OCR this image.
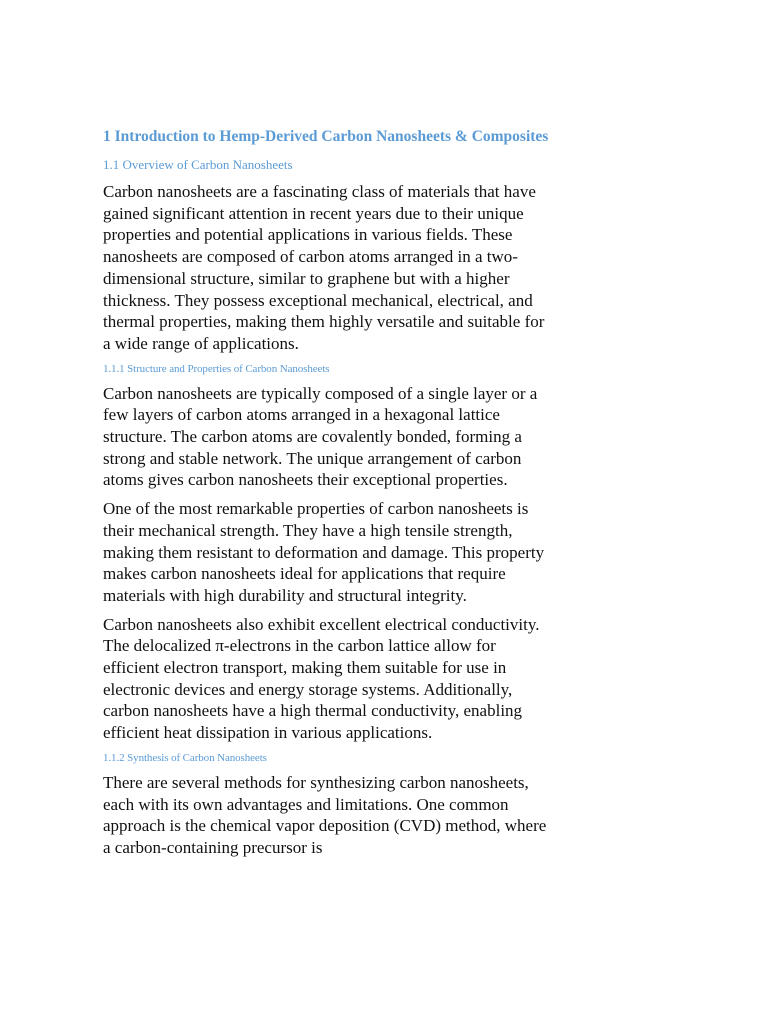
1 Introduction to Hemp-Derived Carbon Nanosheets & Composites
1.1 Overview of Carbon Nanosheets

Carbon nanosheets are a fascinating class of materials that have gained significant attention in recent years due to their unique properties and potential applications in various fields. These nanosheets are composed of carbon atoms arranged in a two-dimensional structure, similar to graphene but with a higher thickness. They possess exceptional mechanical, electrical, and thermal properties, making them highly versatile and suitable for a wide range of applications.

1.1.1 Structure and Properties of Carbon Nanosheets

Carbon nanosheets are typically composed of a single layer or a few layers of carbon atoms arranged in a hexagonal lattice structure. The carbon atoms are covalently bonded, forming a strong and stable network. The unique arrangement of carbon atoms gives carbon nanosheets their exceptional properties.

One of the most remarkable properties of carbon nanosheets is their mechanical strength. They have a high tensile strength, making them resistant to deformation and damage. This property makes carbon nanosheets ideal for applications that require materials with high durability and structural integrity.

Carbon nanosheets also exhibit excellent electrical conductivity. The delocalized π-electrons in the carbon lattice allow for efficient electron transport, making them suitable for use in electronic devices and energy storage systems. Additionally, carbon nanosheets have a high thermal conductivity, enabling efficient heat dissipation in various applications.

1.1.2 Synthesis of Carbon Nanosheets

There are several methods for synthesizing carbon nanosheets, each with its own advantages and limitations. One common approach is the chemical vapor deposition (CVD) method, where a carbon-containing precursor is
